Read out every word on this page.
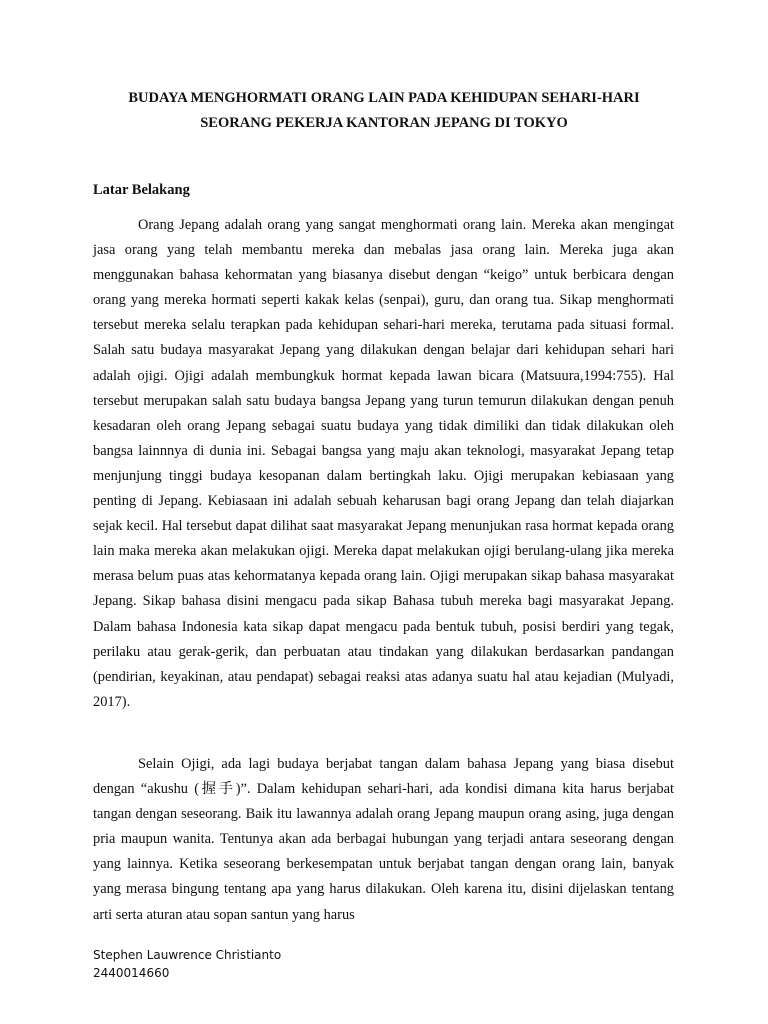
BUDAYA MENGHORMATI ORANG LAIN PADA KEHIDUPAN SEHARI-HARI
SEORANG PEKERJA KANTORAN JEPANG DI TOKYO
Latar Belakang

Orang Jepang adalah orang yang sangat menghormati orang lain. Mereka akan mengingat jasa orang yang telah membantu mereka dan mebalas jasa orang lain. Mereka juga akan menggunakan bahasa kehormatan yang biasanya disebut dengan “keigo” untuk berbicara dengan orang yang mereka hormati seperti kakak kelas (senpai), guru, dan orang tua. Sikap menghormati tersebut mereka selalu terapkan pada kehidupan sehari-hari mereka, terutama pada situasi formal. Salah satu budaya masyarakat Jepang yang dilakukan dengan belajar dari kehidupan sehari hari adalah ojigi. Ojigi adalah membungkuk hormat kepada lawan bicara (Matsuura,1994:755). Hal tersebut merupakan salah satu budaya bangsa Jepang yang turun temurun dilakukan dengan penuh kesadaran oleh orang Jepang sebagai suatu budaya yang tidak dimiliki dan tidak dilakukan oleh bangsa lainnnya di dunia ini. Sebagai bangsa yang maju akan teknologi, masyarakat Jepang tetap menjunjung tinggi budaya kesopanan dalam bertingkah laku. Ojigi merupakan kebiasaan yang penting di Jepang. Kebiasaan ini adalah sebuah keharusan bagi orang Jepang dan telah diajarkan sejak kecil. Hal tersebut dapat dilihat saat masyarakat Jepang menunjukan rasa hormat kepada orang lain maka mereka akan melakukan ojigi. Mereka dapat melakukan ojigi berulang-ulang jika mereka merasa belum puas atas kehormatanya kepada orang lain. Ojigi merupakan sikap bahasa masyarakat Jepang. Sikap bahasa disini mengacu pada sikap Bahasa tubuh mereka bagi masyarakat Jepang. Dalam bahasa Indonesia kata sikap dapat mengacu pada bentuk tubuh, posisi berdiri yang tegak, perilaku atau gerak-gerik, dan perbuatan atau tindakan yang dilakukan berdasarkan pandangan (pendirian, keyakinan, atau pendapat) sebagai reaksi atas adanya suatu hal atau kejadian (Mulyadi, 2017).

Selain Ojigi, ada lagi budaya berjabat tangan dalam bahasa Jepang yang biasa disebut dengan “akushu (握手)”. Dalam kehidupan sehari-hari, ada kondisi dimana kita harus berjabat tangan dengan seseorang. Baik itu lawannya adalah orang Jepang maupun orang asing, juga dengan pria maupun wanita. Tentunya akan ada berbagai hubungan yang terjadi antara seseorang dengan yang lainnya. Ketika seseorang berkesempatan untuk berjabat tangan dengan orang lain, banyak yang merasa bingung tentang apa yang harus dilakukan. Oleh karena itu, disini dijelaskan tentang arti serta aturan atau sopan santun yang harus

Stephen Lauwrence Christianto
2440014660
